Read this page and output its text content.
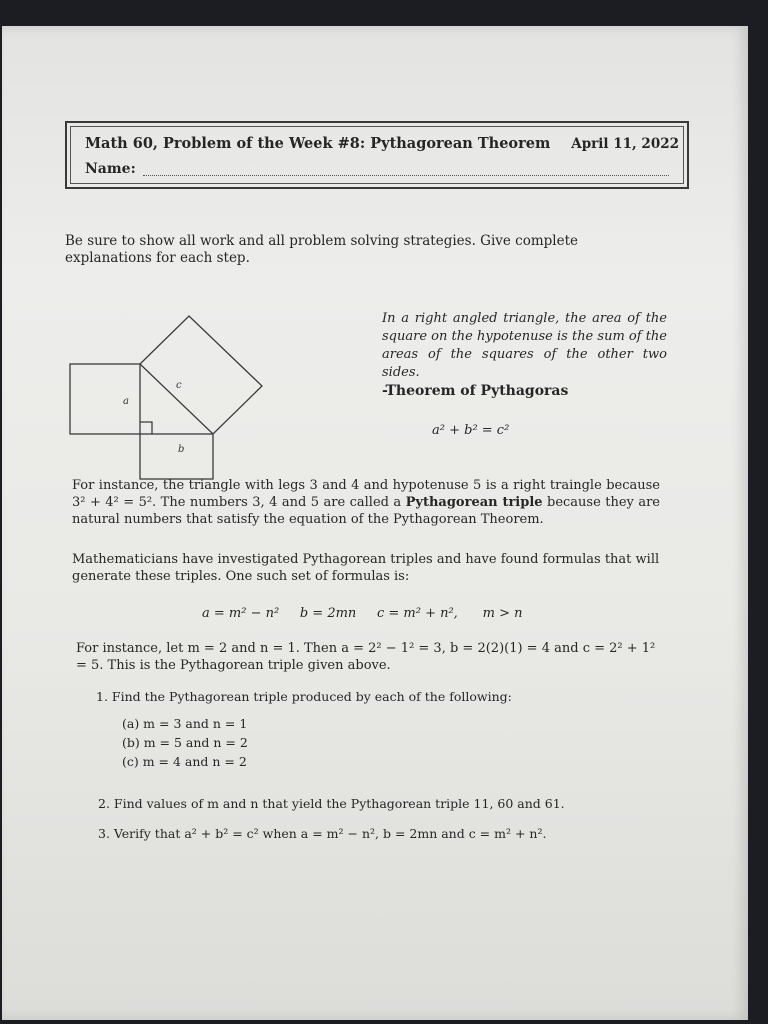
Math 60, Problem of the Week #8: Pythagorean Theorem April 11, 2022
Name:
Be sure to show all work and all problem solving strategies. Give complete explanations for each step.
a
b
c
In a right angled triangle, the area of the square on the hypotenuse is the sum of the areas of the squares of the other two sides.
-Theorem of Pythagoras
a² + b² = c²
For instance, the triangle with legs 3 and 4 and hypotenuse 5 is a right traingle because 3² + 4² = 5². The numbers 3, 4 and 5 are called a Pythagorean triple because they are natural numbers that satisfy the equation of the Pythagorean Theorem.
Mathematicians have investigated Pythagorean triples and have found formulas that will generate these triples. One such set of formulas is:
a = m² − n²     b = 2mn     c = m² + n²,      m > n
For instance, let m = 2 and n = 1. Then a = 2² − 1² = 3, b = 2(2)(1) = 4 and c = 2² + 1² = 5. This is the Pythagorean triple given above.
1. Find the Pythagorean triple produced by each of the following:
(a) m = 3 and n = 1
(b) m = 5 and n = 2
(c) m = 4 and n = 2
2. Find values of m and n that yield the Pythagorean triple 11, 60 and 61.
3. Verify that a² + b² = c² when a = m² − n², b = 2mn and c = m² + n².
